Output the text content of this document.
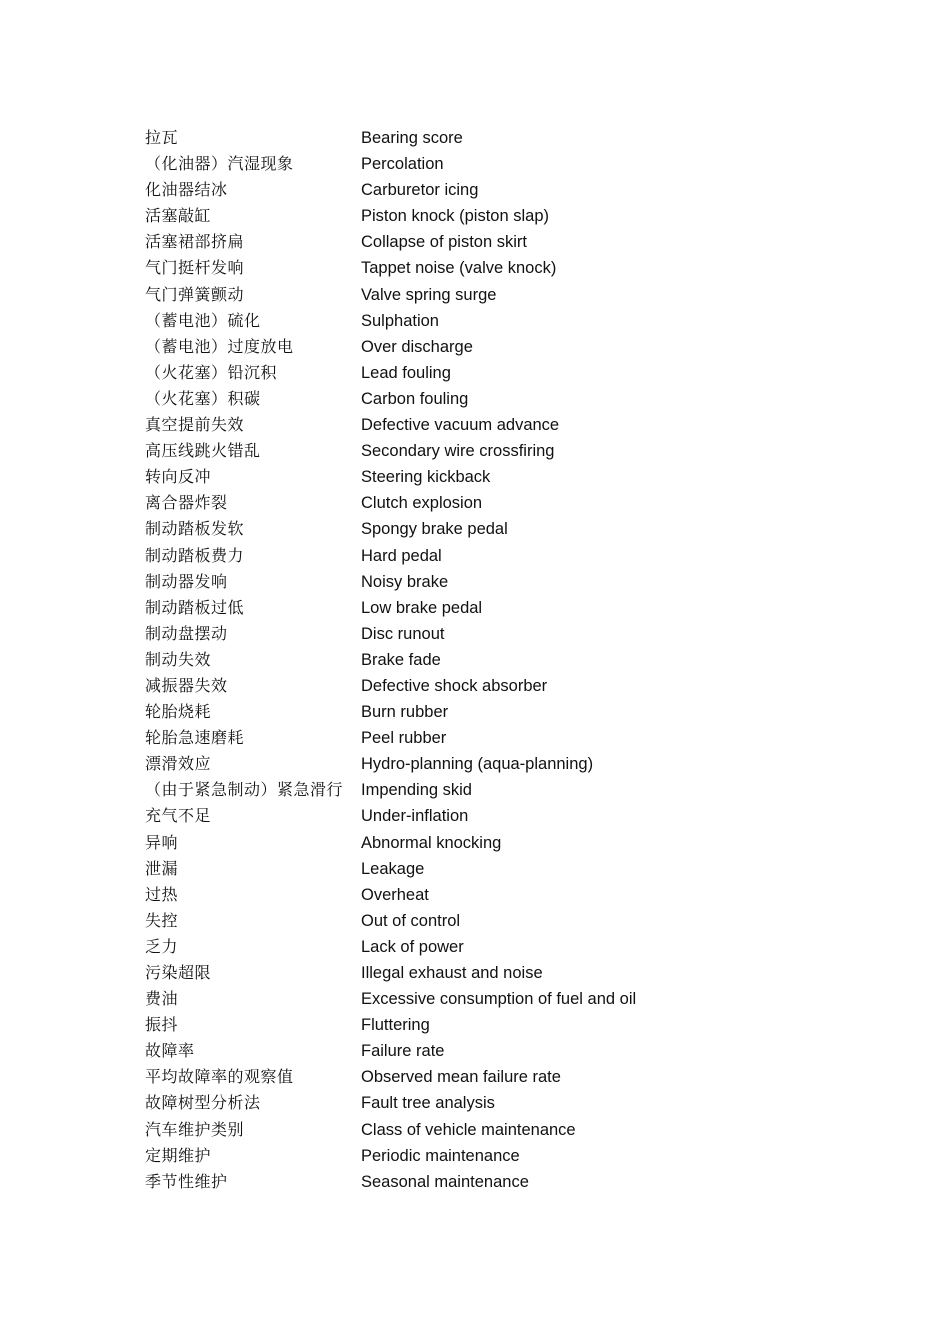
拉瓦	Bearing score
（化油器）汽湿现象	Percolation
化油器结冰	Carburetor icing
活塞敲缸	Piston knock (piston slap)
活塞裙部挤扁	Collapse of piston skirt
气门挺杆发响	Tappet noise (valve knock)
气门弹簧颤动	Valve spring surge
（蓄电池）硫化	Sulphation
（蓄电池）过度放电	Over discharge
（火花塞）铅沉积	Lead fouling
（火花塞）积碳	Carbon fouling
真空提前失效	Defective vacuum advance
高压线跳火错乱	Secondary wire crossfiring
转向反冲	Steering kickback
离合器炸裂	Clutch explosion
制动踏板发软	Spongy brake pedal
制动踏板费力	Hard pedal
制动器发响	Noisy brake
制动踏板过低	Low brake pedal
制动盘摆动	Disc runout
制动失效	Brake fade
减振器失效	Defective shock absorber
轮胎烧耗	Burn rubber
轮胎急速磨耗	Peel rubber
漂滑效应	Hydro-planning (aqua-planning)
（由于紧急制动）紧急滑行	Impending skid
充气不足	Under-inflation
异响	Abnormal knocking
泄漏	Leakage
过热	Overheat
失控	Out of control
乏力	Lack of power
污染超限	Illegal exhaust and noise
费油	Excessive consumption of fuel and oil
振抖	Fluttering
故障率	Failure rate
平均故障率的观察值	Observed mean failure rate
故障树型分析法	Fault tree analysis
汽车维护类别	Class of vehicle maintenance
定期维护	Periodic maintenance
季节性维护	Seasonal maintenance
